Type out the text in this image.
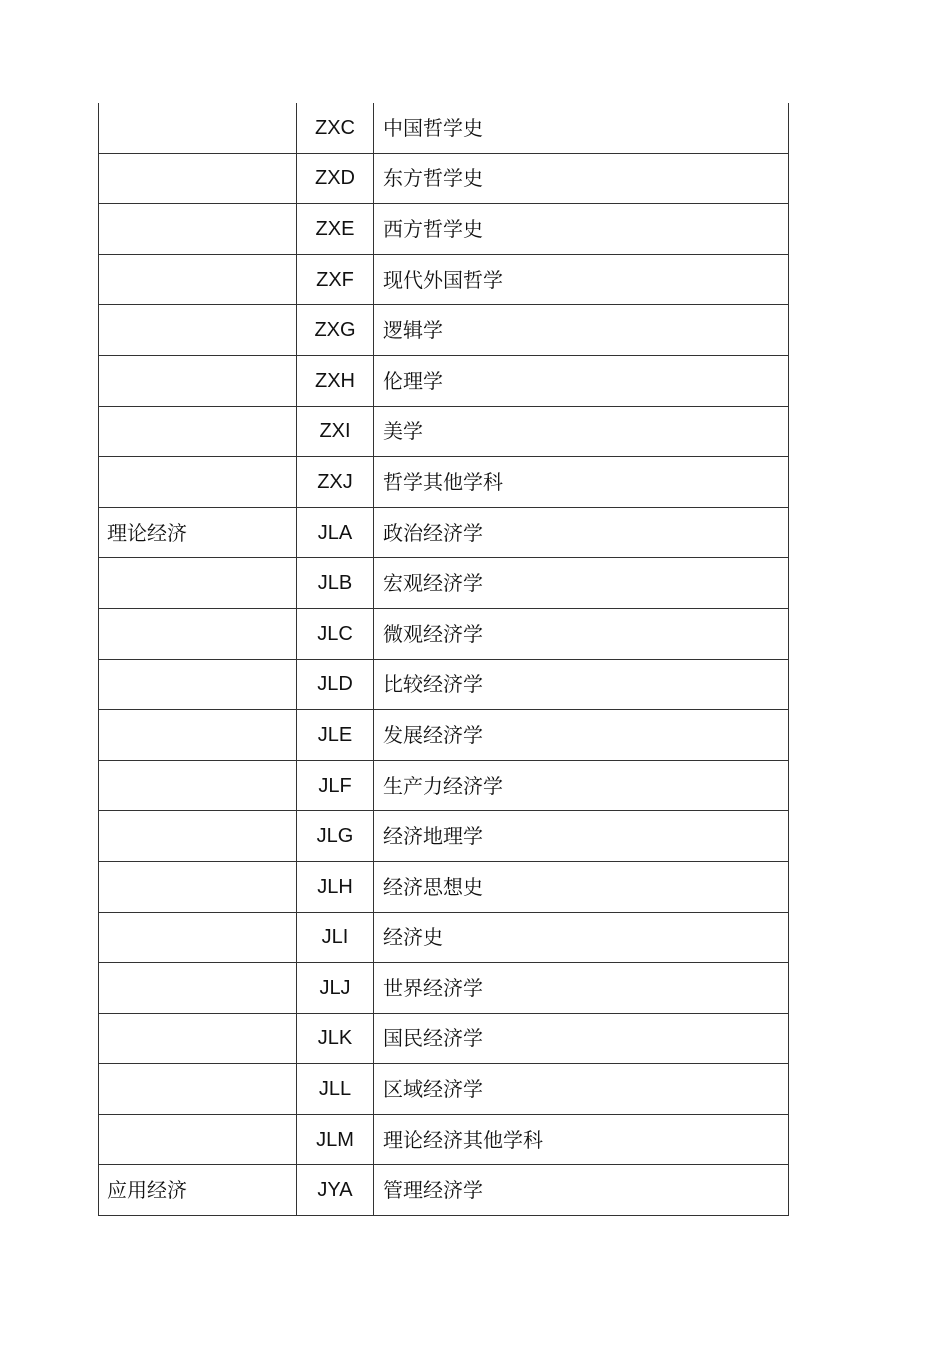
	ZXC	中国哲学史
	ZXD	东方哲学史
	ZXE	西方哲学史
	ZXF	现代外国哲学
	ZXG	逻辑学
	ZXH	伦理学
	ZXI	美学
	ZXJ	哲学其他学科
理论经济	JLA	政治经济学
	JLB	宏观经济学
	JLC	微观经济学
	JLD	比较经济学
	JLE	发展经济学
	JLF	生产力经济学
	JLG	经济地理学
	JLH	经济思想史
	JLI	经济史
	JLJ	世界经济学
	JLK	国民经济学
	JLL	区域经济学
	JLM	理论经济其他学科
应用经济	JYA	管理经济学
